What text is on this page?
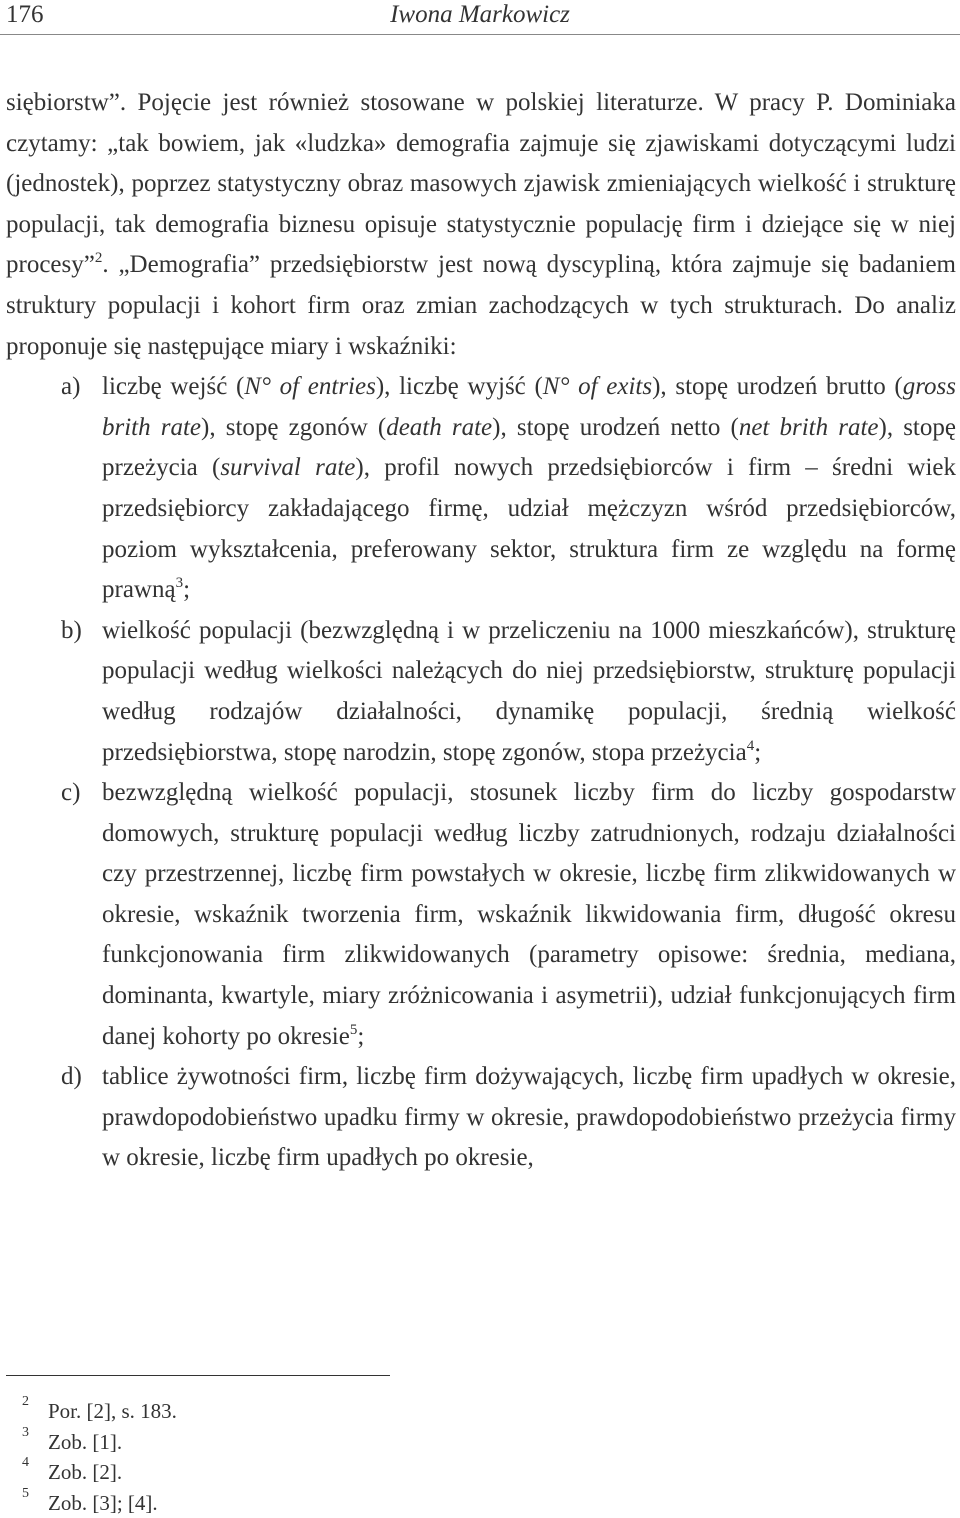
176	Iwona Markowicz

siębiorstw”. Pojęcie jest również stosowane w polskiej literaturze. W pracy P. Dominiaka czytamy: „tak bowiem, jak «ludzka» demografia zajmuje się zjawiskami dotyczącymi ludzi (jednostek), poprzez statystyczny obraz masowych zjawisk zmieniających wielkość i strukturę populacji, tak demografia biznesu opisuje statystycznie populację firm i dziejące się w niej procesy”$^2$. „Demografia” przedsiębiorstw jest nową dyscypliną, która zajmuje się badaniem struktury populacji i kohort firm oraz zmian zachodzących w tych strukturach. Do analiz proponuje się następujące miary i wskaźniki:

a) liczbę wejść (N° of entries), liczbę wyjść (N° of exits), stopę urodzeń brutto (gross brith rate), stopę zgonów (death rate), stopę urodzeń netto (net brith rate), stopę przeżycia (survival rate), profil nowych przedsiębiorców i firm – średni wiek przedsiębiorcy zakładającego firmę, udział mężczyzn wśród przedsiębiorców, poziom wykształcenia, preferowany sektor, struktura firm ze względu na formę prawną$^3$;
b) wielkość populacji (bezwzględną i w przeliczeniu na 1000 mieszkańców), strukturę populacji według wielkości należących do niej przedsiębiorstw, strukturę populacji według rodzajów działalności, dynamikę populacji, średnią wielkość przedsiębiorstwa, stopę narodzin, stopę zgonów, stopa przeżycia$^4$;
c) bezwzględną wielkość populacji, stosunek liczby firm do liczby gospodarstw domowych, strukturę populacji według liczby zatrudnionych, rodzaju działalności czy przestrzennej, liczbę firm powstałych w okresie, liczbę firm zlikwidowanych w okresie, wskaźnik tworzenia firm, wskaźnik likwidowania firm, długość okresu funkcjonowania firm zlikwidowanych (parametry opisowe: średnia, mediana, dominanta, kwartyle, miary zróżnicowania i asymetrii), udział funkcjonujących firm danej kohorty po okresie$^5$;
d) tablice żywotności firm, liczbę firm dożywających, liczbę firm upadłych w okresie, prawdopodobieństwo upadku firmy w okresie, prawdopodobieństwo przeżycia firmy w okresie, liczbę firm upadłych po okresie,
2 Por. [2], s. 183.
3 Zob. [1].
4 Zob. [2].
5 Zob. [3]; [4].
